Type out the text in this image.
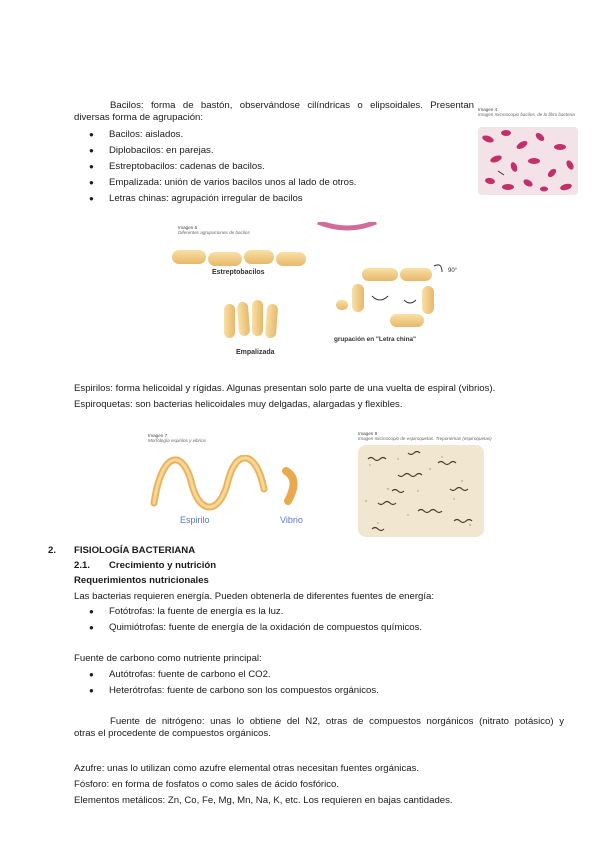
Bacilos: forma de bastón, observándose cilíndricas o elipsoidales. Presentan
diversas forma de agrupación:
Bacilos: aislados.
Diplobacilos: en parejas.
Estreptobacilos: cadenas de bacilos.
Empalizada: unión de varios bacilos unos al lado de otros.
Letras chinas: agrupación irregular de bacilos
Imagen 4
Imagen microscopio bacilos, de lo libro bacteria
Imagen 5
Diferentes agrupaciones de bacilos
Estreptobacilos
Empalizada
grupación en "Letra china"
90°
Espirilos: forma helicoidal y rígidas. Algunas presentan solo parte de una vuelta de espiral (vibrios).
Espiroquetas: son bacterias helicoidales muy delgadas, alargadas y flexibles.
Imagen 7
Morfología espirilos y vibrios
Espirilo	Vibrio
Imagen 8
Imagen microscopio de espiroquetas. Treponemas (espiroquetas)
2. FISIOLOGÍA BACTERIANA
2.1. Crecimiento y nutrición
Requerimientos nutricionales
Las bacterias requieren energía. Pueden obtenerla de diferentes fuentes de energía:
Fotótrofas: la fuente de energía es la luz.
Quimiótrofas: fuente de energía de la oxidación de compuestos químicos.
Fuente de carbono como nutriente principal:
Autótrofas: fuente de carbono el CO2.
Heterótrofas: fuente de carbono son los compuestos orgánicos.
Fuente de nitrógeno: unas lo obtiene del N2, otras de compuestos norgánicos (nitrato potásico) y
otras el procedente de compuestos orgánicos.
Azufre: unas lo utilizan como azufre elemental otras necesitan fuentes orgánicas.
Fósforo: en forma de fosfatos o como sales de ácido fosfórico.
Elementos metálicos: Zn, Co, Fe, Mg, Mn, Na, K, etc. Los requieren en bajas cantidades.
